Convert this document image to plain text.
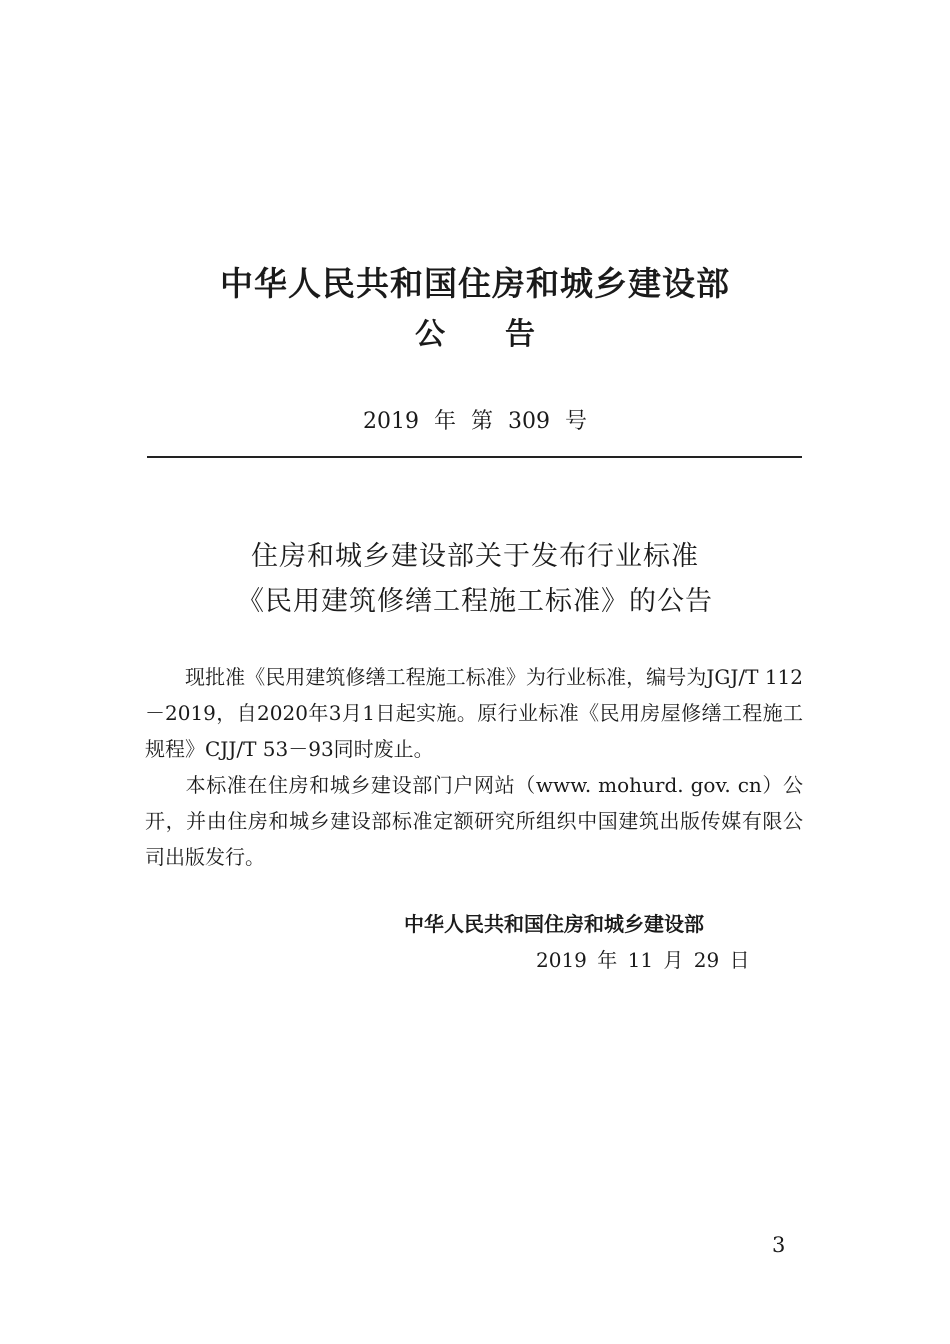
中华人民共和国住房和城乡建设部
公告
2019 年 第 309 号
住房和城乡建设部关于发布行业标准
《民用建筑修缮工程施工标准》的公告
现批准《民用建筑修缮工程施工标准》为行业标准，编号为JGJ/T 112－2019，自2020年3月1日起实施。原行业标准《民用房屋修缮工程施工规程》CJJ/T 53－93同时废止。
本标准在住房和城乡建设部门户网站（www. mohurd. gov. cn）公开，并由住房和城乡建设部标准定额研究所组织中国建筑出版传媒有限公司出版发行。
中华人民共和国住房和城乡建设部
2019 年 11 月 29 日
3
